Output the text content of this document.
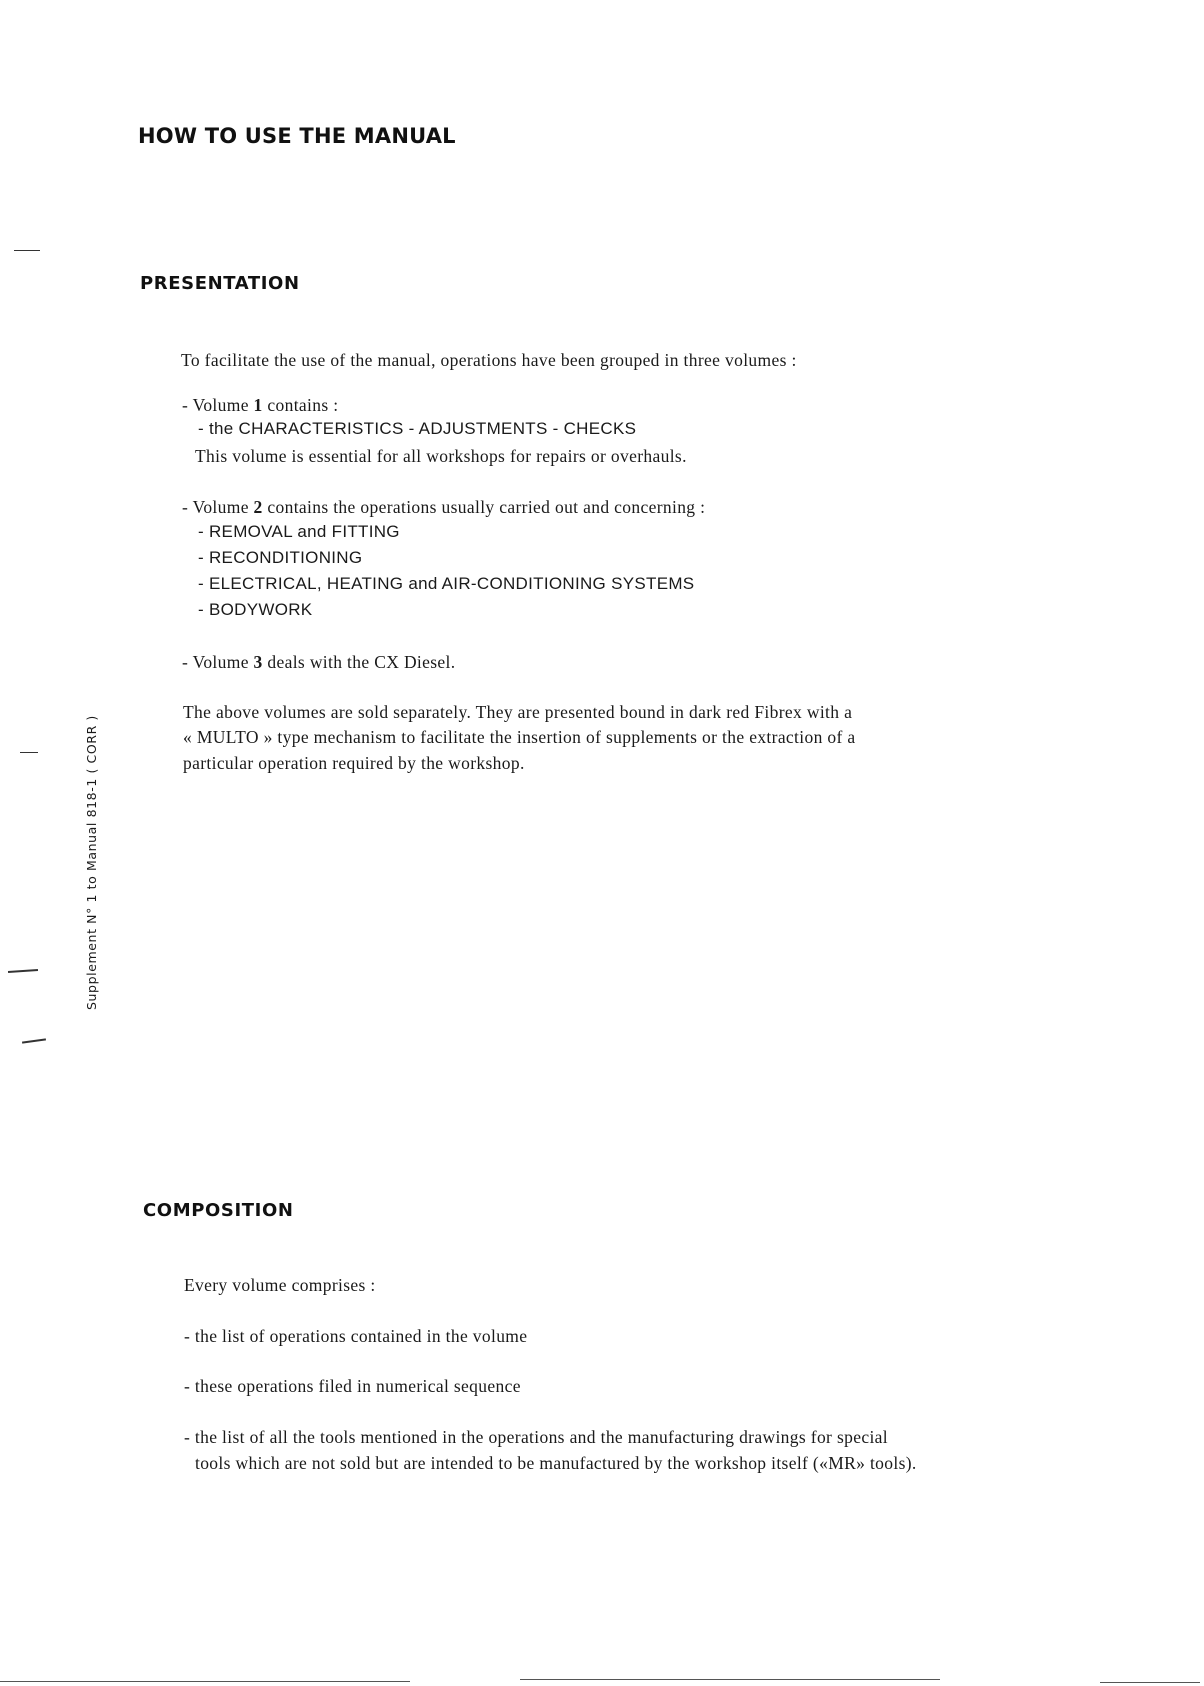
HOW TO USE THE MANUAL
Supplement N° 1 to Manual 818-1 ( CORR )
PRESENTATION
To facilitate the use of the manual, operations have been grouped in three volumes :
- Volume 1 contains :
- the CHARACTERISTICS - ADJUSTMENTS - CHECKS
This volume is essential for all workshops for repairs or overhauls.
- Volume 2 contains the operations usually carried out and concerning :
- REMOVAL and FITTING
- RECONDITIONING
- ELECTRICAL, HEATING and AIR-CONDITIONING SYSTEMS
- BODYWORK
- Volume 3 deals with the CX Diesel.
The above volumes are sold separately. They are presented bound in dark red Fibrex with a
« MULTO » type mechanism to facilitate the insertion of supplements or the extraction of a
particular operation required by the workshop.
COMPOSITION
Every volume comprises :
- the list of operations contained in the volume
- these operations filed in numerical sequence
- the list of all the tools mentioned in the operations and the manufacturing drawings for special
tools which are not sold but are intended to be manufactured by the workshop itself («MR» tools).
